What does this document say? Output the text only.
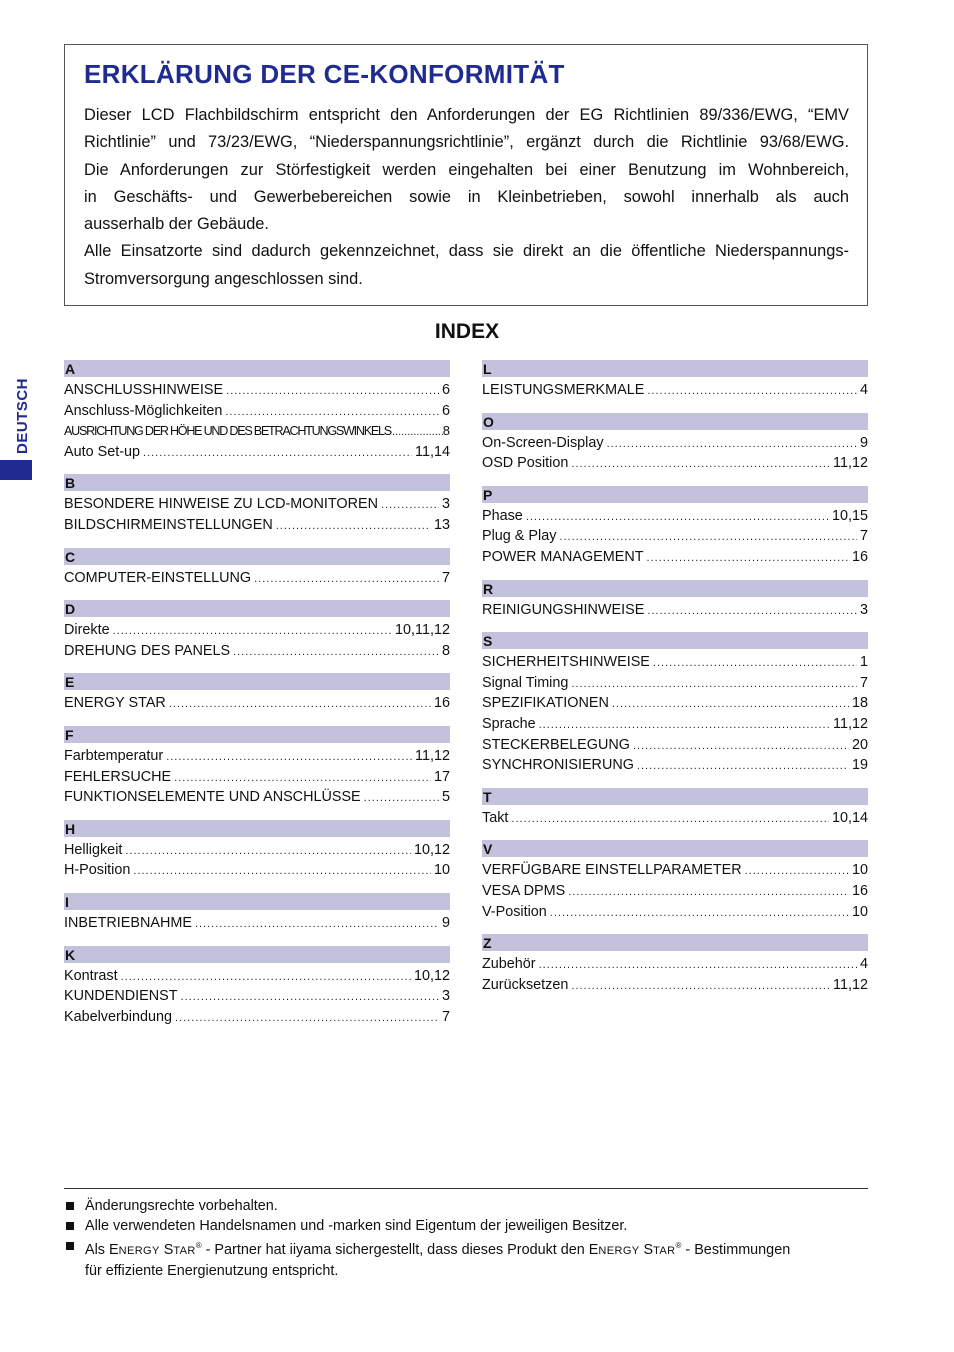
ERKLÄRUNG DER CE-KONFORMITÄT
Dieser LCD Flachbildschirm entspricht den Anforderungen der EG Richtlinien 89/336/EWG, “EMV
Richtlinie” und 73/23/EWG, “Niederspannungsrichtlinie”, ergänzt durch die Richtlinie 93/68/EWG.
Die Anforderungen zur Störfestigkeit werden eingehalten bei einer Benutzung im Wohnbereich,
in Geschäfts- und Gewerbebereichen sowie in Kleinbetrieben, sowohl innerhalb als auch
ausserhalb der Gebäude.
Alle Einsatzorte sind dadurch gekennzeichnet, dass sie direkt an die öffentliche Niederspannungs-
Stromversorgung angeschlossen sind.
INDEX
DEUTSCH
A
ANSCHLUSSHINWEISE .....	6
Anschluss-Möglichkeiten .....	6
AUSRICHTUNG DER HÖHE UND DES BETRACHTUNGSWINKELS .....	8
Auto Set-up .....	11,14
B
BESONDERE HINWEISE ZU LCD-MONITOREN .....	3
BILDSCHIRMEINSTELLUNGEN .....	13
C
COMPUTER-EINSTELLUNG .....	7
D
Direkte .....	10,11,12
DREHUNG DES PANELS .....	8
E
ENERGY STAR .....	16
F
Farbtemperatur .....	11,12
FEHLERSUCHE .....	17
FUNKTIONSELEMENTE UND ANSCHLÜSSE .....	5
H
Helligkeit .....	10,12
H-Position .....	10
I
INBETRIEBNAHME .....	9
K
Kontrast .....	10,12
KUNDENDIENST .....	3
Kabelverbindung .....	7
L
LEISTUNGSMERKMALE .....	4
O
On-Screen-Display .....	9
OSD Position .....	11,12
P
Phase .....	10,15
Plug & Play .....	7
POWER MANAGEMENT .....	16
R
REINIGUNGSHINWEISE .....	3
S
SICHERHEITSHINWEISE .....	1
Signal Timing .....	7
SPEZIFIKATIONEN .....	18
Sprache .....	11,12
STECKERBELEGUNG .....	20
SYNCHRONISIERUNG .....	19
T
Takt .....	10,14
V
VERFÜGBARE EINSTELLPARAMETER .....	10
VESA DPMS .....	16
V-Position .....	10
Z
Zubehör .....	4
Zurücksetzen .....	11,12
Änderungsrechte vorbehalten.
Alle verwendeten Handelsnamen und -marken sind Eigentum der jeweiligen Besitzer.
Als ENERGY STAR® - Partner hat iiyama sichergestellt, dass dieses Produkt den ENERGY STAR® - Bestimmungen
für effiziente Energienutzung entspricht.
